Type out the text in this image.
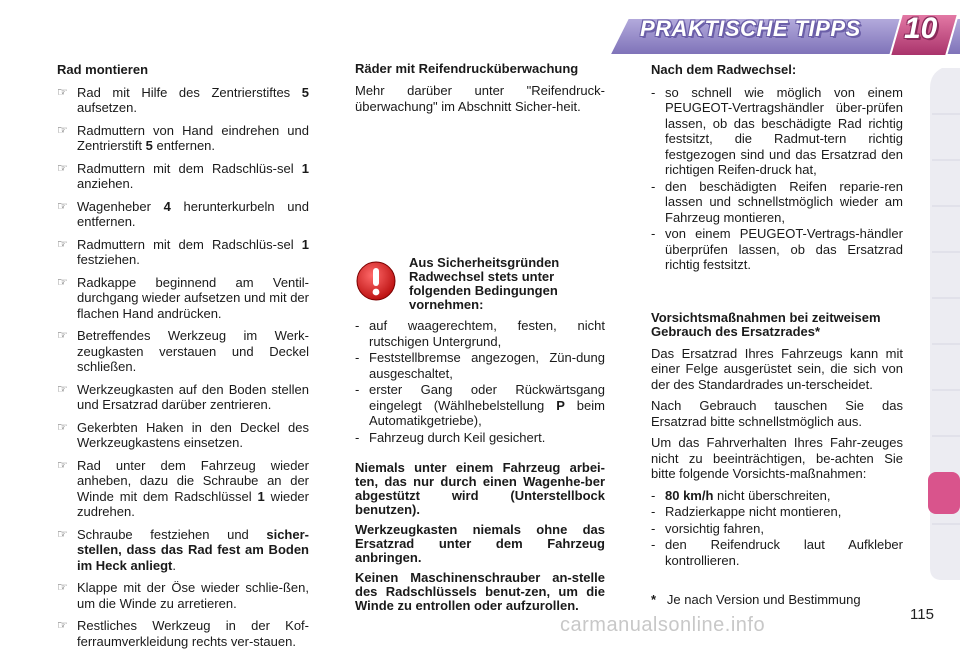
PRAKTISCHE TIPPS 10
Rad montieren
☞ Rad mit Hilfe des Zentrierstiftes 5 aufsetzen.
☞ Radmuttern von Hand eindrehen und Zentrierstift 5 entfernen.
☞ Radmuttern mit dem Radschlüs-sel 1 anziehen.
☞ Wagenheber 4 herunterkurbeln und entfernen.
☞ Radmuttern mit dem Radschlüs-sel 1 festziehen.
☞ Radkappe beginnend am Ventil-durchgang wieder aufsetzen und mit der flachen Hand andrücken.
☞ Betreffendes Werkzeug im Werk-zeugkasten verstauen und Deckel schließen.
☞ Werkzeugkasten auf den Boden stellen und Ersatzrad darüber zentrieren.
☞ Gekerbten Haken in den Deckel des Werkzeugkastens einsetzen.
☞ Rad unter dem Fahrzeug wieder anheben, dazu die Schraube an der Winde mit dem Radschlüssel 1 wieder zudrehen.
☞ Schraube festziehen und sicher-stellen, dass das Rad fest am Boden im Heck anliegt.
☞ Klappe mit der Öse wieder schlie-ßen, um die Winde zu arretieren.
☞ Restliches Werkzeug in der Kof-ferraumverkleidung rechts ver-stauen.
Räder mit Reifendrucküberwachung

Mehr darüber unter "Reifendruck-überwachung" im Abschnitt Sicher-heit.

Aus Sicherheitsgründen Radwechsel stets unter folgenden Bedingungen vornehmen:
- auf waagerechtem, festen, nicht rutschigen Untergrund,
- Feststellbremse angezogen, Zün-dung ausgeschaltet,
- erster Gang oder Rückwärtsgang eingelegt (Wählhebelstellung P beim Automatikgetriebe),
- Fahrzeug durch Keil gesichert.
Niemals unter einem Fahrzeug arbei-ten, das nur durch einen Wagenhe-ber abgestützt wird (Unterstellbock benutzen).
Werkzeugkasten niemals ohne das Ersatzrad unter dem Fahrzeug anbringen.
Keinen Maschinenschrauber an-stelle des Radschlüssels benut-zen, um die Winde zu entrollen oder aufzurollen.
Nach dem Radwechsel:
- so schnell wie möglich von einem PEUGEOT-Vertragshändler über-prüfen lassen, ob das beschädigte Rad richtig festsitzt, die Radmut-tern richtig festgezogen sind und das Ersatzrad den richtigen Reifen-druck hat,
- den beschädigten Reifen reparie-ren lassen und schnellstmöglich wieder am Fahrzeug montieren,
- von einem PEUGEOT-Vertrags-händler überprüfen lassen, ob das Ersatzrad richtig festsitzt.
Vorsichtsmaßnahmen bei zeitweisem Gebrauch des Ersatzrades*

Das Ersatzrad Ihres Fahrzeugs kann mit einer Felge ausgerüstet sein, die sich von der des Standardrades un-terscheidet.

Nach Gebrauch tauschen Sie das Ersatzrad bitte schnellstmöglich aus.

Um das Fahrverhalten Ihres Fahr-zeuges nicht zu beeinträchtigen, be-achten Sie bitte folgende Vorsichts-maßnahmen:

- 80 km/h nicht überschreiten,
- Radzierkappe nicht montieren,
- vorsichtig fahren,
- den Reifendruck laut Aufkleber kontrollieren.
* Je nach Version und Bestimmung
carmanualsonline.info	115
